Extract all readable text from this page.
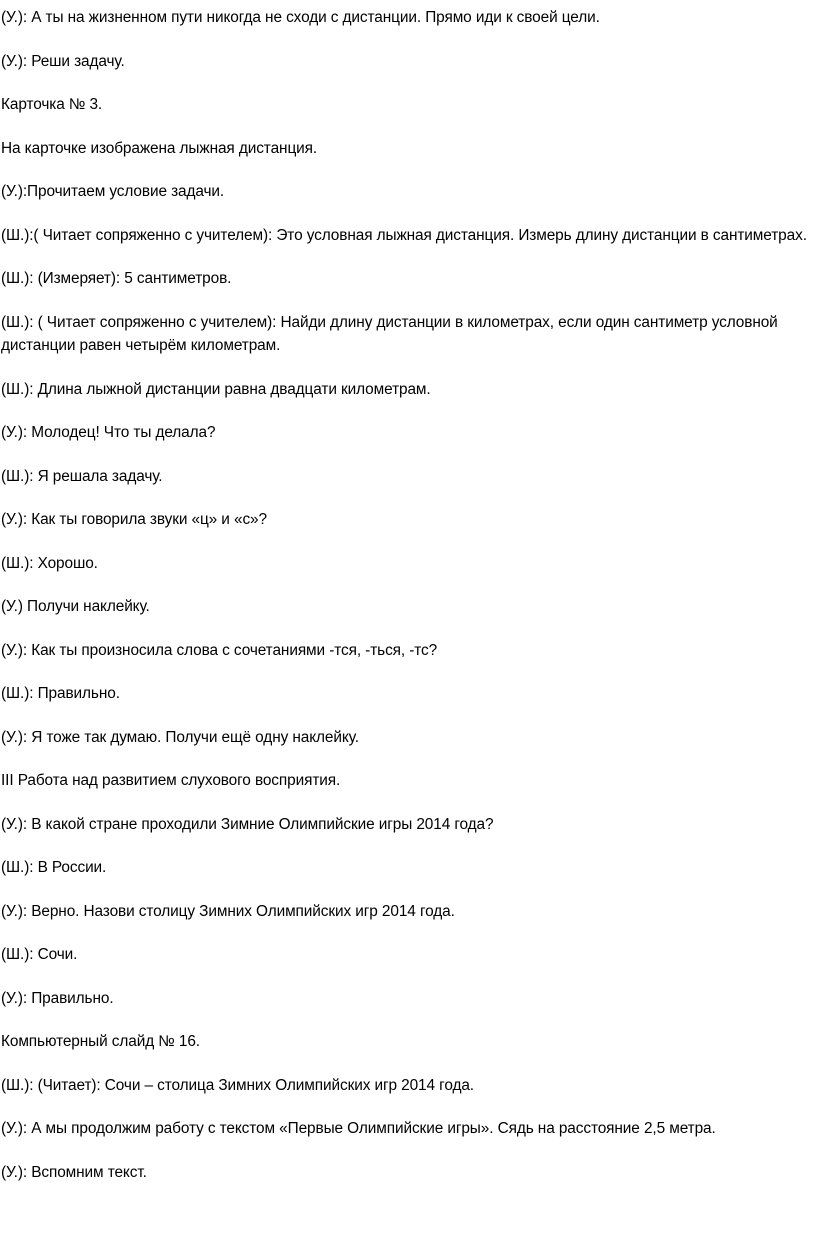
(У.): А ты на жизненном пути никогда не сходи с дистанции. Прямо иди к своей цели.

(У.): Реши задачу.

Карточка № 3.

На карточке изображена лыжная дистанция.

(У.):Прочитаем условие задачи.

(Ш.):( Читает сопряженно с учителем): Это условная лыжная дистанция. Измерь длину дистанции в сантиметрах.

(Ш.): (Измеряет): 5 сантиметров.

(Ш.): ( Читает сопряженно с учителем): Найди длину дистанции в километрах, если один сантиметр условной дистанции равен четырём километрам.

(Ш.): Длина лыжной дистанции равна двадцати километрам.

(У.): Молодец! Что ты делала?

(Ш.): Я решала задачу.

(У.): Как ты говорила звуки «ц» и «с»?

(Ш.): Хорошо.

(У.) Получи наклейку.

(У.): Как ты произносила слова с сочетаниями -тся, -ться, -тс?

(Ш.): Правильно.

(У.): Я тоже так думаю. Получи ещё одну наклейку.

III Работа над развитием слухового восприятия.

(У.): В какой стране проходили Зимние Олимпийские игры 2014 года?

(Ш.): В России.

(У.): Верно. Назови столицу Зимних Олимпийских игр 2014 года.

(Ш.): Сочи.

(У.): Правильно.

Компьютерный слайд № 16.

(Ш.): (Читает): Сочи – столица Зимних Олимпийских игр 2014 года.

(У.): А мы продолжим работу с текстом «Первые Олимпийские игры». Сядь на расстояние 2,5 метра.

(У.): Вспомним текст.
